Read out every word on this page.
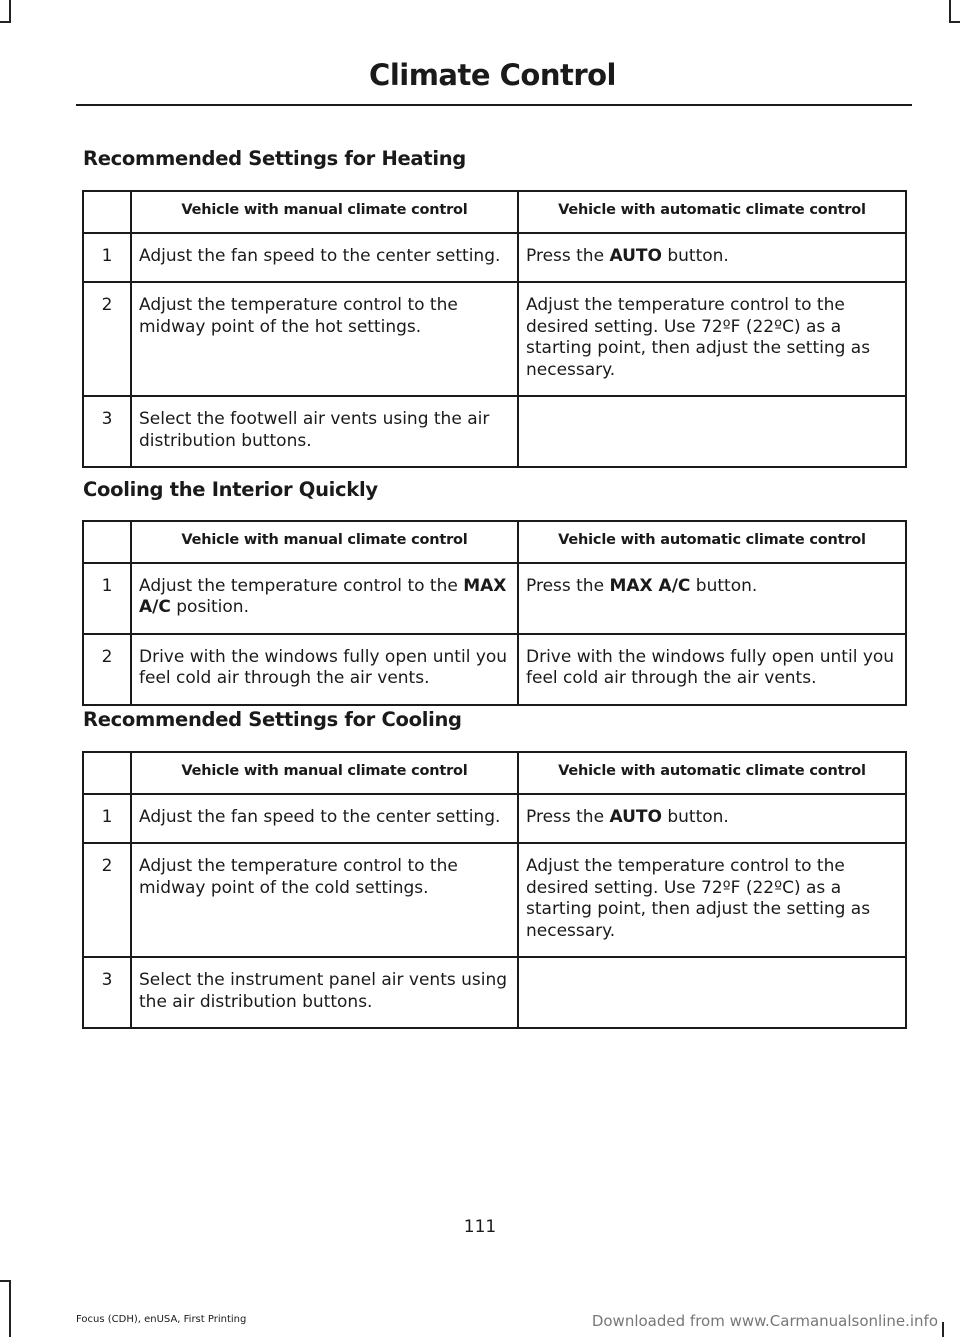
Climate Control
Recommended Settings for Heating
	Vehicle with manual climate control	Vehicle with automatic climate control
1	Adjust the fan speed to the center setting.	Press the AUTO button.
2	Adjust the temperature control to the midway point of the hot settings.	Adjust the temperature control to the desired setting. Use 72ºF (22ºC) as a starting point, then adjust the setting as necessary.
3	Select the footwell air vents using the air distribution buttons.	
Cooling the Interior Quickly
	Vehicle with manual climate control	Vehicle with automatic climate control
1	Adjust the temperature control to the MAX A/C position.	Press the MAX A/C button.
2	Drive with the windows fully open until you feel cold air through the air vents.	Drive with the windows fully open until you feel cold air through the air vents.
Recommended Settings for Cooling
	Vehicle with manual climate control	Vehicle with automatic climate control
1	Adjust the fan speed to the center setting.	Press the AUTO button.
2	Adjust the temperature control to the midway point of the cold settings.	Adjust the temperature control to the desired setting. Use 72ºF (22ºC) as a starting point, then adjust the setting as necessary.
3	Select the instrument panel air vents using the air distribution buttons.	
111
Focus (CDH), enUSA, First Printing	Downloaded from www.Carmanualsonline.info
